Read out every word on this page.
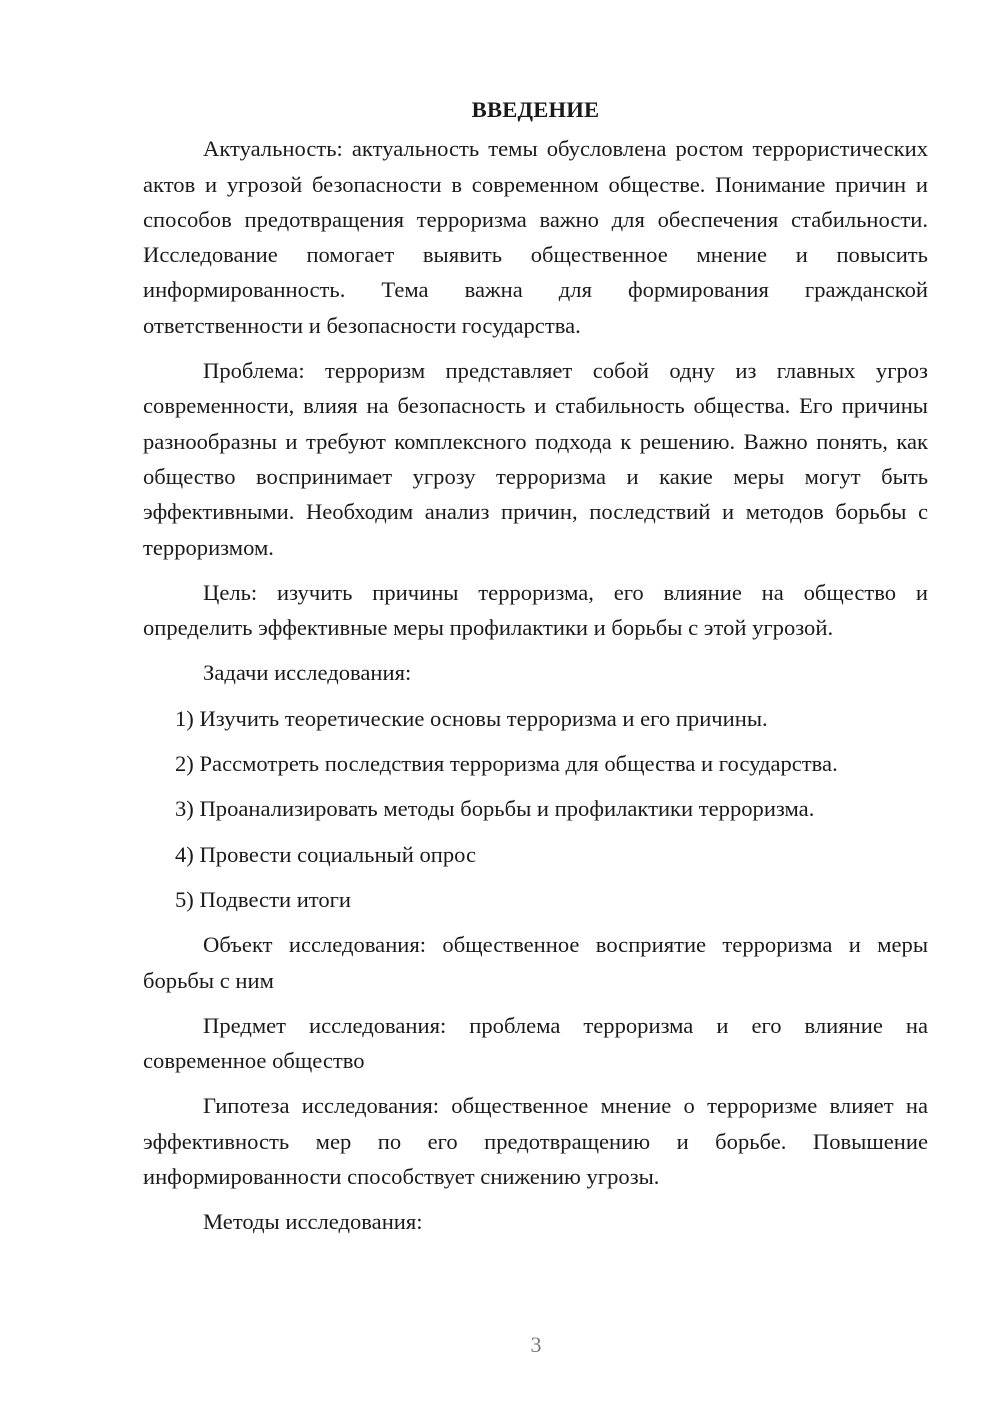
ВВЕДЕНИЕ

Актуальность: актуальность темы обусловлена ростом террористических актов и угрозой безопасности в современном обществе. Понимание причин и способов предотвращения терроризма важно для обеспечения стабильности. Исследование помогает выявить общественное мнение и повысить информированность. Тема важна для формирования гражданской ответственности и безопасности государства.

Проблема: терроризм представляет собой одну из главных угроз современности, влияя на безопасность и стабильность общества. Его причины разнообразны и требуют комплексного подхода к решению. Важно понять, как общество воспринимает угрозу терроризма и какие меры могут быть эффективными. Необходим анализ причин, последствий и методов борьбы с терроризмом.

Цель: изучить причины терроризма, его влияние на общество и определить эффективные меры профилактики и борьбы с этой угрозой.

Задачи исследования:

1) Изучить теоретические основы терроризма и его причины.
2) Рассмотреть последствия терроризма для общества и государства.
3) Проанализировать методы борьбы и профилактики терроризма.
4) Провести социальный опрос
5) Подвести итоги

Объект исследования: общественное восприятие терроризма и меры борьбы с ним

Предмет исследования: проблема терроризма и его влияние на современное общество

Гипотеза исследования: общественное мнение о терроризме влияет на эффективность мер по его предотвращению и борьбе. Повышение информированности способствует снижению угрозы.

Методы исследования:

3
